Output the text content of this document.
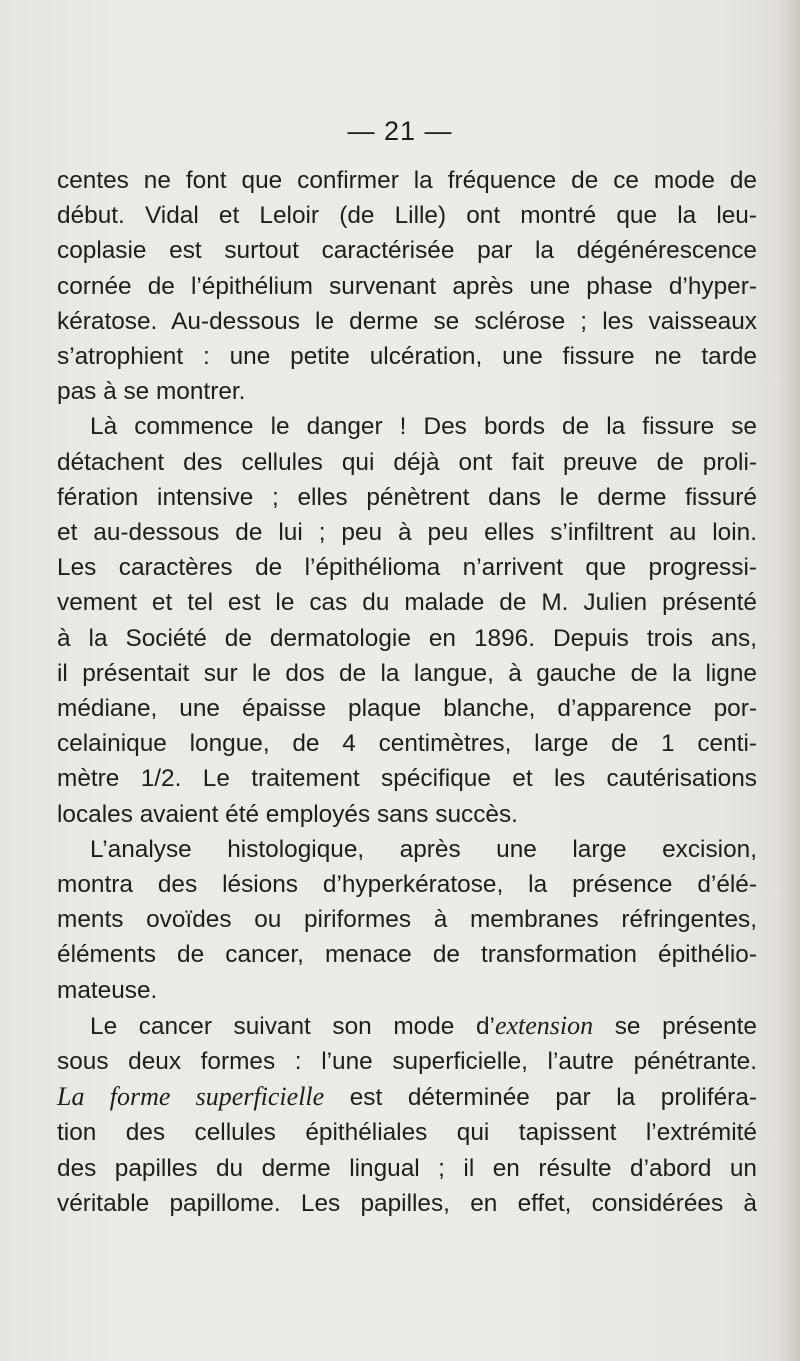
— 21 —
centes ne font que confirmer la fréquence de ce mode de
début. Vidal et Leloir (de Lille) ont montré que la leu-
coplasie est surtout caractérisée par la dégénérescence
cornée de l’épithélium survenant après une phase d’hyper-
kératose. Au-dessous le derme se sclérose ; les vaisseaux
s’atrophient : une petite ulcération, une fissure ne tarde
pas à se montrer.
Là commence le danger ! Des bords de la fissure se
détachent des cellules qui déjà ont fait preuve de proli-
fération intensive ; elles pénètrent dans le derme fissuré
et au-dessous de lui ; peu à peu elles s’infiltrent au loin.
Les caractères de l’épithélioma n’arrivent que progressi-
vement et tel est le cas du malade de M. Julien présenté
à la Société de dermatologie en 1896. Depuis trois ans,
il présentait sur le dos de la langue, à gauche de la ligne
médiane, une épaisse plaque blanche, d’apparence por-
celainique longue, de 4 centimètres, large de 1 centi-
mètre 1/2. Le traitement spécifique et les cautérisations
locales avaient été employés sans succès.
L’analyse histologique, après une large excision,
montra des lésions d’hyperkératose, la présence d’élé-
ments ovoïdes ou piriformes à membranes réfringentes,
éléments de cancer, menace de transformation épithélio-
mateuse.
Le cancer suivant son mode d’extension se présente
sous deux formes : l’une superficielle, l’autre pénétrante.
La forme superficielle est déterminée par la proliféra-
tion des cellules épithéliales qui tapissent l’extrémité
des papilles du derme lingual ; il en résulte d’abord un
véritable papillome. Les papilles, en effet, considérées à
